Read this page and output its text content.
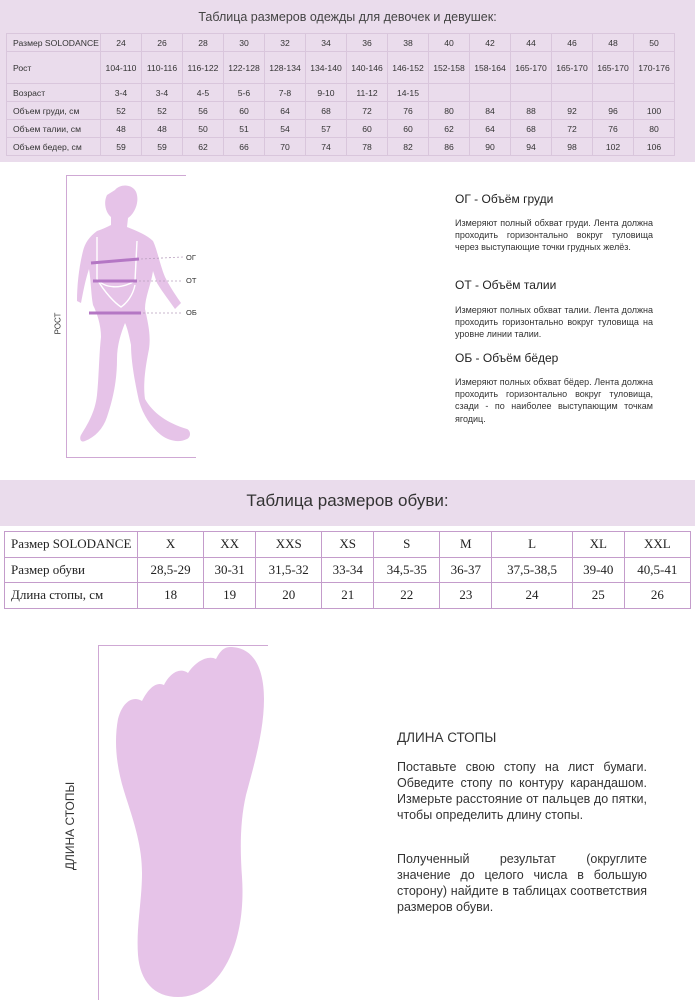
Таблица размеров одежды для девочек и девушек:
Размер SOLODANCE	24	26	28	30	32	34	36	38	40	42	44	46	48	50
Рост	104-110	110-116	116-122	122-128	128-134	134-140	140-146	146-152	152-158	158-164	165-170	165-170	165-170	170-176
Возраст	3-4	3-4	4-5	5-6	7-8	9-10	11-12	14-15						
Объем груди, см	52	52	56	60	64	68	72	76	80	84	88	92	96	100
Объем талии, см	48	48	50	51	54	57	60	60	62	64	68	72	76	80
Объем бедер, см	59	59	62	66	70	74	78	82	86	90	94	98	102	106
РОСТ
ОГ
ОТ
ОБ
ОГ - Объём груди
Измеряют полный обхват груди. Лента должна проходить горизонтально вокруг туловища через выступающие точки грудных желёз.
ОТ - Объём талии
Измеряют полных обхват талии. Лента должна проходить горизонтально вокруг туловища на уровне линии талии.
ОБ - Объём бёдер
Измеряют полных обхват бёдер. Лента должна проходить горизонтально вокруг туловища, сзади - по наиболее выступающим точкам ягодиц.
Таблица размеров обуви:
Размер SOLODANCE	X	XX	XXS	XS	S	M	L	XL	XXL
Размер обуви	28,5-29	30-31	31,5-32	33-34	34,5-35	36-37	37,5-38,5	39-40	40,5-41
Длина стопы, см	18	19	20	21	22	23	24	25	26
ДЛИНА СТОПЫ
ДЛИНА СТОПЫ
Поставьте свою стопу на лист бумаги. Обведите стопу по контуру карандашом. Измерьте расстояние от пальцев до пятки, чтобы определить длину стопы.
Полученный результат (округлите значение до целого числа в большую сторону) найдите в таблицах соответствия размеров обуви.
